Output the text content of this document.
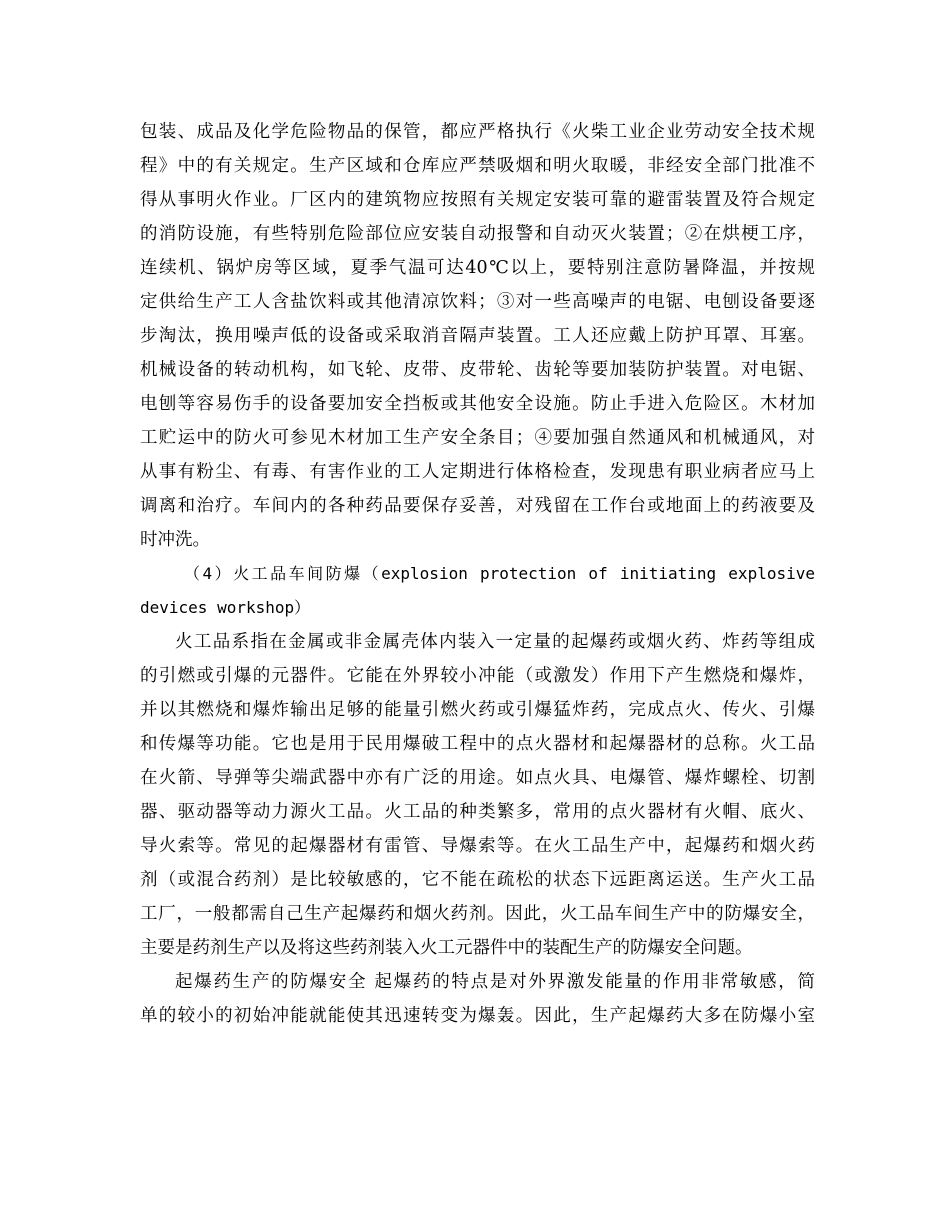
包装、成品及化学危险物品的保管，都应严格执行《火柴工业企业劳动安全技术规
程》中的有关规定。生产区域和仓库应严禁吸烟和明火取暖，非经安全部门批准不
得从事明火作业。厂区内的建筑物应按照有关规定安装可靠的避雷装置及符合规定
的消防设施，有些特别危险部位应安装自动报警和自动灭火装置；②在烘梗工序，
连续机、锅炉房等区域，夏季气温可达40℃以上，要特别注意防暑降温，并按规
定供给生产工人含盐饮料或其他清凉饮料；③对一些高噪声的电锯、电刨设备要逐
步淘汰，换用噪声低的设备或采取消音隔声装置。工人还应戴上防护耳罩、耳塞。
机械设备的转动机构，如飞轮、皮带、皮带轮、齿轮等要加装防护装置。对电锯、
电刨等容易伤手的设备要加安全挡板或其他安全设施。防止手进入危险区。木材加
工贮运中的防火可参见木材加工生产安全条目；④要加强自然通风和机械通风，对
从事有粉尘、有毒、有害作业的工人定期进行体格检查，发现患有职业病者应马上
调离和治疗。车间内的各种药品要保存妥善，对残留在工作台或地面上的药液要及
时冲洗。
（4）火工品车间防爆（explosion protection of initiating explosive
devices workshop）
火工品系指在金属或非金属壳体内装入一定量的起爆药或烟火药、炸药等组成
的引燃或引爆的元器件。它能在外界较小冲能（或激发）作用下产生燃烧和爆炸，
并以其燃烧和爆炸输出足够的能量引燃火药或引爆猛炸药，完成点火、传火、引爆
和传爆等功能。它也是用于民用爆破工程中的点火器材和起爆器材的总称。火工品
在火箭、导弹等尖端武器中亦有广泛的用途。如点火具、电爆管、爆炸螺栓、切割
器、驱动器等动力源火工品。火工品的种类繁多，常用的点火器材有火帽、底火、
导火索等。常见的起爆器材有雷管、导爆索等。在火工品生产中，起爆药和烟火药
剂（或混合药剂）是比较敏感的，它不能在疏松的状态下远距离运送。生产火工品
工厂，一般都需自己生产起爆药和烟火药剂。因此，火工品车间生产中的防爆安全，
主要是药剂生产以及将这些药剂装入火工元器件中的装配生产的防爆安全问题。
起爆药生产的防爆安全 起爆药的特点是对外界激发能量的作用非常敏感，简
单的较小的初始冲能就能使其迅速转变为爆轰。因此，生产起爆药大多在防爆小室
